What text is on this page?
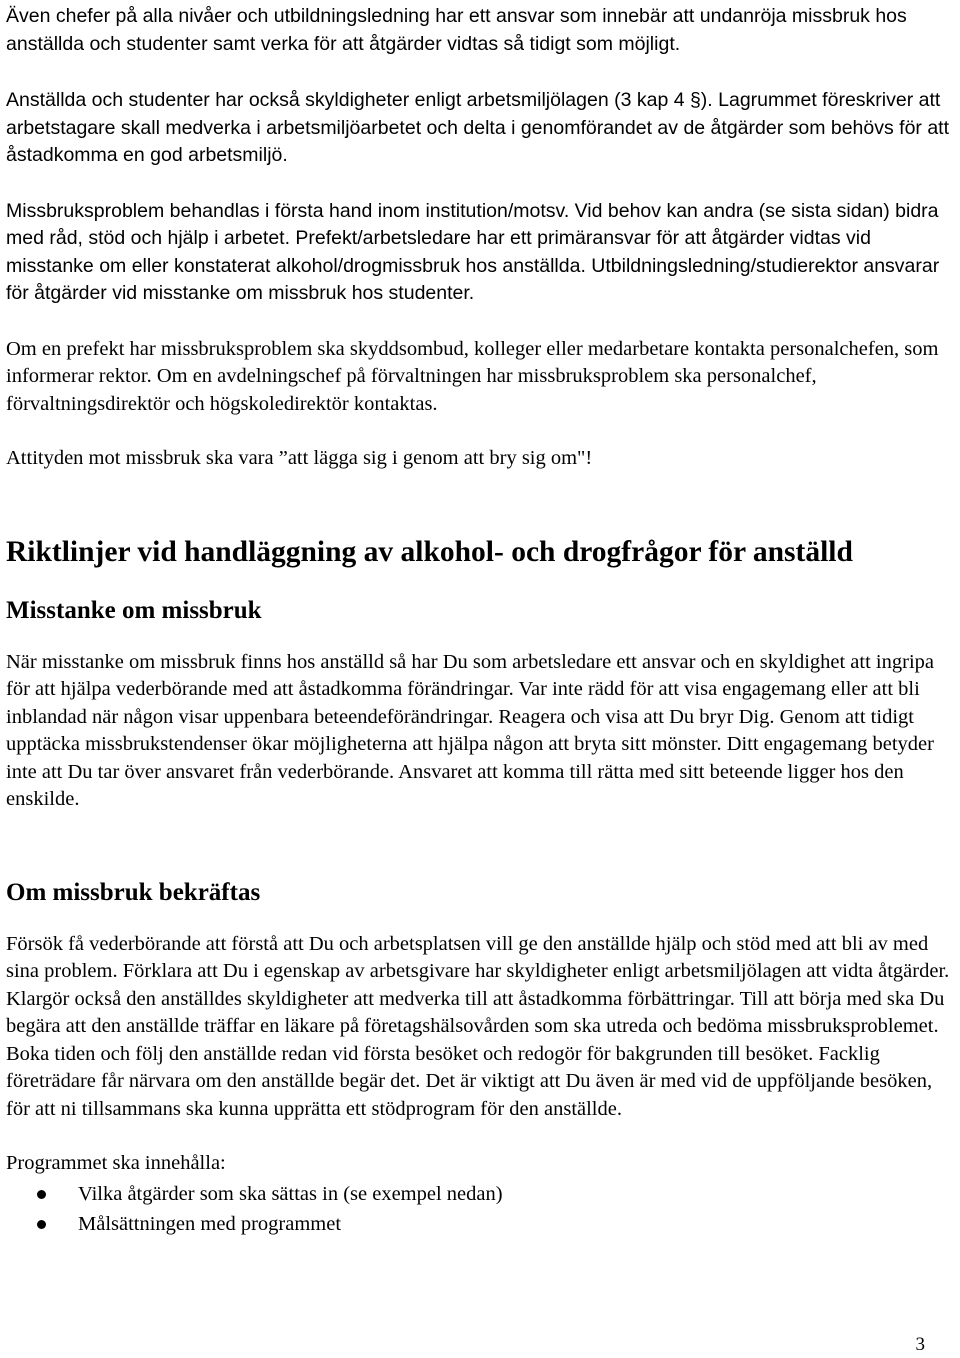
Även chefer på alla nivåer och utbildningsledning har ett ansvar som innebär att undanröja missbruk hos anställda och studenter samt verka för att åtgärder vidtas så tidigt som möjligt.

Anställda och studenter har också skyldigheter enligt arbetsmiljölagen (3 kap 4 §). Lagrummet föreskriver att arbetstagare skall medverka i arbetsmiljöarbetet och delta i genomförandet av de åtgärder som behövs för att åstadkomma en god arbetsmiljö.

Missbruksproblem behandlas i första hand inom institution/motsv. Vid behov kan andra (se sista sidan) bidra med råd, stöd och hjälp i arbetet. Prefekt/arbetsledare har ett primäransvar för att åtgärder vidtas vid misstanke om eller konstaterat alkohol/drogmissbruk hos anställda. Utbildningsledning/studierektor ansvarar för åtgärder vid misstanke om missbruk hos studenter.

Om en prefekt har missbruksproblem ska skyddsombud, kolleger eller medarbetare kontakta personalchefen, som informerar rektor. Om en avdelningschef på förvaltningen har missbruksproblem ska personalchef, förvaltningsdirektör och högskoledirektör kontaktas.

Attityden mot missbruk ska vara ”att lägga sig i genom att bry sig om"!

Riktlinjer vid handläggning av alkohol- och drogfrågor för anställd
Misstanke om missbruk

När misstanke om missbruk finns hos anställd så har Du som arbetsledare ett ansvar och en skyldighet att ingripa för att hjälpa vederbörande med att åstadkomma förändringar. Var inte rädd för att visa engagemang eller att bli inblandad när någon visar uppenbara beteendeförändringar. Reagera och visa att Du bryr Dig. Genom att tidigt upptäcka missbrukstendenser ökar möjligheterna att hjälpa någon att bryta sitt mönster. Ditt engagemang betyder inte att Du tar över ansvaret från vederbörande. Ansvaret att komma till rätta med sitt beteende ligger hos den enskilde.

Om missbruk bekräftas

Försök få vederbörande att förstå att Du och arbetsplatsen vill ge den anställde hjälp och stöd med att bli av med sina problem. Förklara att Du i egenskap av arbetsgivare har skyldigheter enligt arbetsmiljölagen att vidta åtgärder. Klargör också den anställdes skyldigheter att medverka till att åstadkomma förbättringar. Till att börja med ska Du begära att den anställde träffar en läkare på företagshälsovården som ska utreda och bedöma missbruksproblemet. Boka tiden och följ den anställde redan vid första besöket och redogör för bakgrunden till besöket. Facklig företrädare får närvara om den anställde begär det. Det är viktigt att Du även är med vid de uppföljande besöken, för att ni tillsammans ska kunna upprätta ett stödprogram för den anställde.

Programmet ska innehålla:

Vilka åtgärder som ska sättas in (se exempel nedan)
Målsättningen med programmet
3
